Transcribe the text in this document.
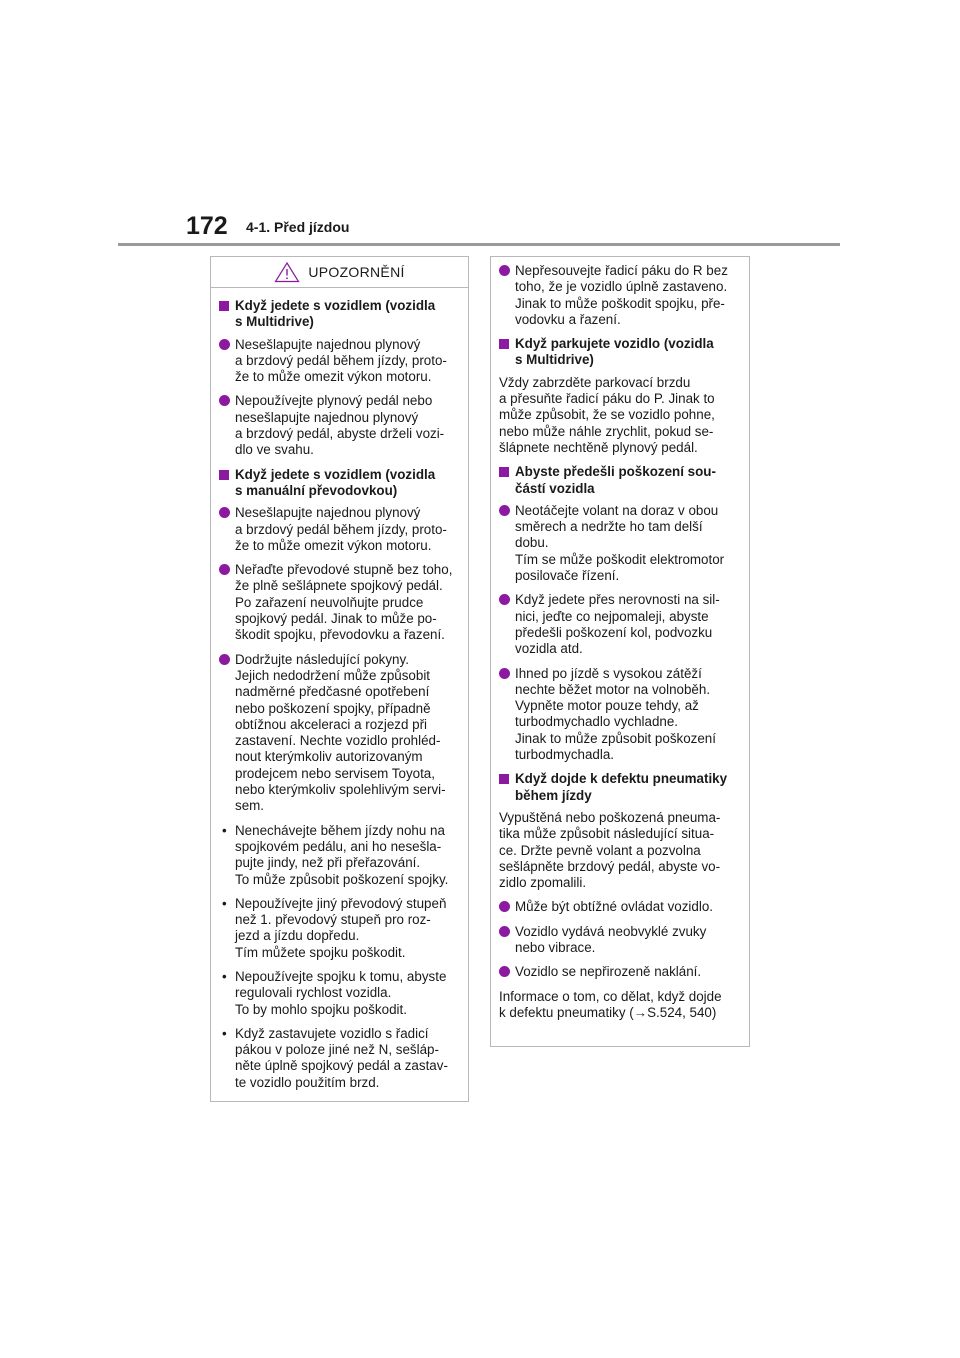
172 4-1. Před jízdou
UPOZORNĚNÍ
Když jedete s vozidlem (vozidla
s Multidrive)
Nesešlapujte najednou plynový
a brzdový pedál během jízdy, proto-
že to může omezit výkon motoru.
Nepoužívejte plynový pedál nebo
nesešlapujte najednou plynový
a brzdový pedál, abyste drželi vozi-
dlo ve svahu.
Když jedete s vozidlem (vozidla
s manuální převodovkou)
Nesešlapujte najednou plynový
a brzdový pedál během jízdy, proto-
že to může omezit výkon motoru.
Neřaďte převodové stupně bez toho,
že plně sešlápnete spojkový pedál.
Po zařazení neuvolňujte prudce
spojkový pedál. Jinak to může po-
škodit spojku, převodovku a řazení.
Dodržujte následující pokyny.
Jejich nedodržení může způsobit
nadměrné předčasné opotřebení
nebo poškození spojky, případně
obtížnou akceleraci a rozjezd při
zastavení. Nechte vozidlo prohléd-
nout kterýmkoliv autorizovaným
prodejcem nebo servisem Toyota,
nebo kterýmkoliv spolehlivým servi-
sem.
• Nenechávejte během jízdy nohu na
spojkovém pedálu, ani ho nesešla-
pujte jindy, než při přeřazování.
To může způsobit poškození spojky.
• Nepoužívejte jiný převodový stupeň
než 1. převodový stupeň pro roz-
jezd a jízdu dopředu.
Tím můžete spojku poškodit.
• Nepoužívejte spojku k tomu, abyste
regulovali rychlost vozidla.
To by mohlo spojku poškodit.
• Když zastavujete vozidlo s řadicí
pákou v poloze jiné než N, sešláp-
něte úplně spojkový pedál a zastav-
te vozidlo použitím brzd.
Nepřesouvejte řadicí páku do R bez
toho, že je vozidlo úplně zastaveno.
Jinak to může poškodit spojku, pře-
vodovku a řazení.
Když parkujete vozidlo (vozidla
s Multidrive)
Vždy zabrzděte parkovací brzdu
a přesuňte řadicí páku do P. Jinak to
může způsobit, že se vozidlo pohne,
nebo může náhle zrychlit, pokud se-
šlápnete nechtěně plynový pedál.
Abyste předešli poškození sou-
částí vozidla
Neotáčejte volant na doraz v obou
směrech a nedržte ho tam delší
dobu.
Tím se může poškodit elektromotor
posilovače řízení.
Když jedete přes nerovnosti na sil-
nici, jeďte co nejpomaleji, abyste
předešli poškození kol, podvozku
vozidla atd.
Ihned po jízdě s vysokou zátěží
nechte běžet motor na volnoběh.
Vypněte motor pouze tehdy, až
turbodmychadlo vychladne.
Jinak to může způsobit poškození
turbodmychadla.
Když dojde k defektu pneumatiky
během jízdy
Vypuštěná nebo poškozená pneuma-
tika může způsobit následující situa-
ce. Držte pevně volant a pozvolna
sešlápněte brzdový pedál, abyste vo-
zidlo zpomalili.
Může být obtížné ovládat vozidlo.
Vozidlo vydává neobvyklé zvuky
nebo vibrace.
Vozidlo se nepřirozeně naklání.
Informace o tom, co dělat, když dojde
k defektu pneumatiky (→S.524, 540)
